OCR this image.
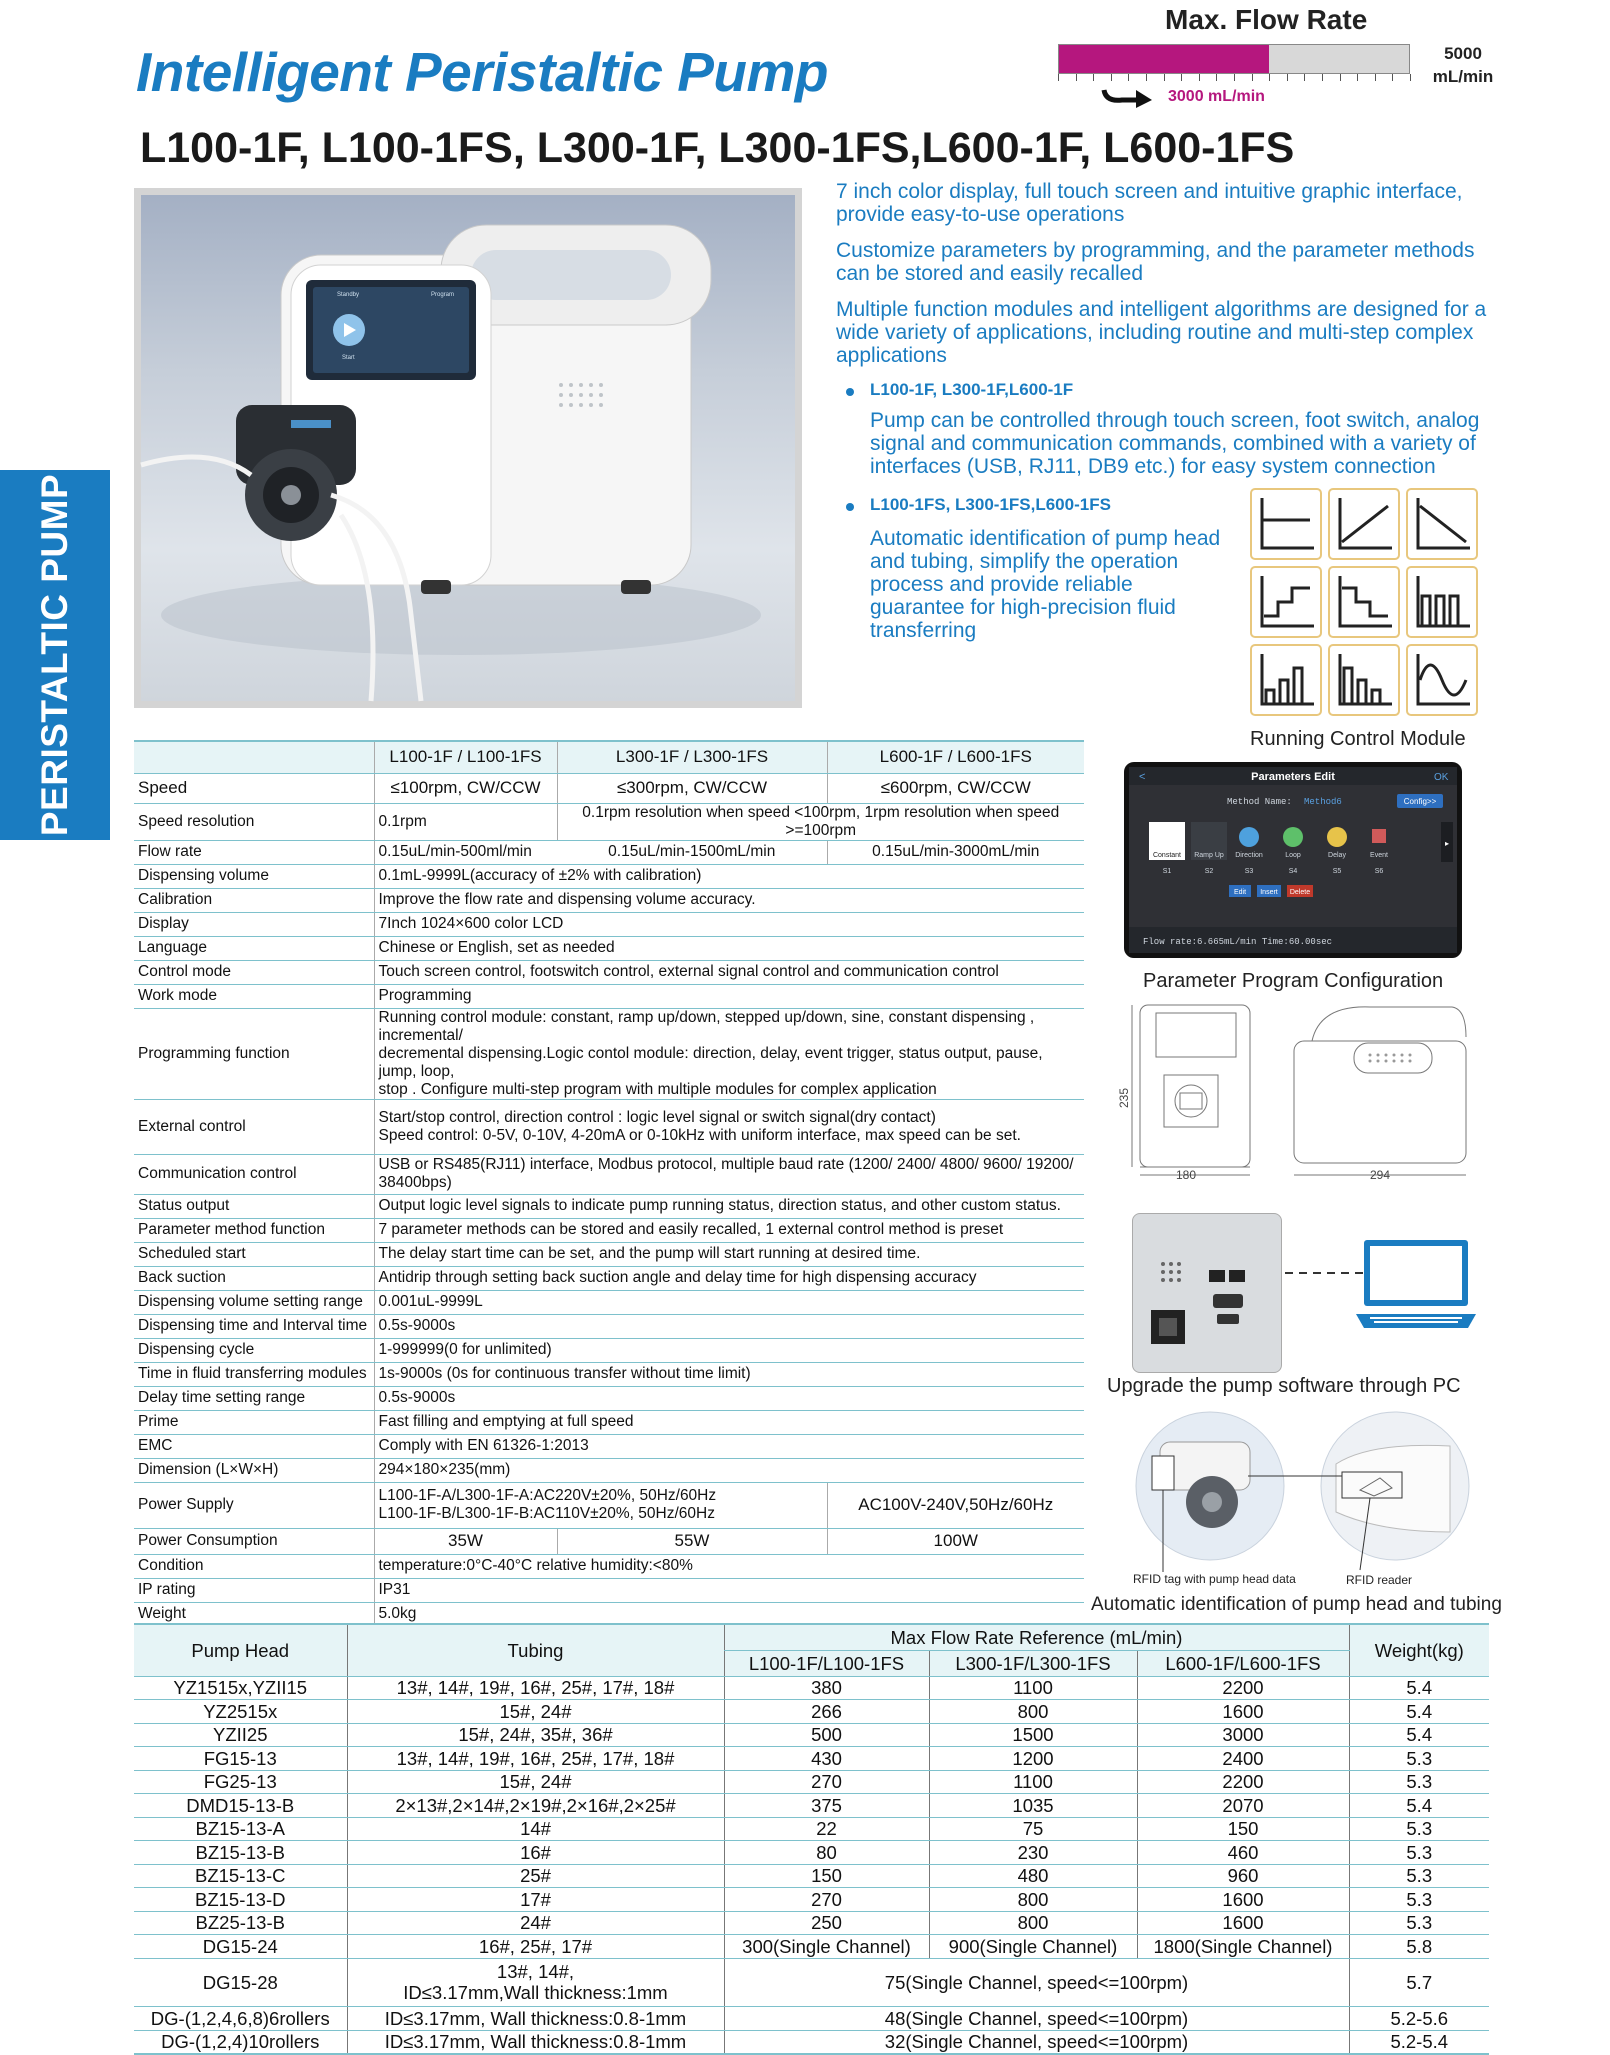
Intelligent Peristaltic Pump
L100-1F, L100-1FS, L300-1F, L300-1FS,L600-1F, L600-1FS
Max. Flow Rate
5000
mL/min
3000 mL/min
PERISTALTIC PUMP
Standby	Program
Start
7 inch color display, full touch screen and intuitive graphic interface, provide easy-to-use operations
Customize parameters by programming, and the parameter methods can be stored and easily recalled
Multiple function modules and intelligent algorithms are designed for a wide variety of applications, including routine and multi-step complex applications
L100-1F, L300-1F,L600-1F
Pump can be controlled through touch screen, foot switch, analog signal and communication commands, combined with a variety of interfaces (USB, RJ11, DB9 etc.) for easy system connection
L100-1FS, L300-1FS,L600-1FS
Automatic identification of pump head and tubing, simplify the operation process and provide reliable guarantee for high-precision fluid transferring
	L100-1F / L100-1FS	L300-1F / L300-1FS	L600-1F / L600-1FS
Speed	≤100rpm, CW/CCW	≤300rpm, CW/CCW	≤600rpm, CW/CCW
Speed resolution	0.1rpm	0.1rpm resolution when speed <100rpm, 1rpm resolution when speed >=100rpm	
Flow rate	0.15uL/min-500ml/min	0.15uL/min-1500mL/min	0.15uL/min-3000mL/min
Dispensing volume	0.1mL-9999L(accuracy of ±2% with calibration)		
Calibration	Improve the flow rate and dispensing volume accuracy.		
Display	7Inch 1024×600 color LCD		
Language	Chinese or English, set as needed		
Control mode	Touch screen control, footswitch control, external signal control and communication control		
Work mode	Programming		
Programming function	Running control module: constant, ramp up/down, stepped up/down, sine, constant dispensing , incremental/
decremental dispensing.Logic contol module: direction, delay, event trigger, status output, pause, jump, loop,
stop . Configure multi-step program with multiple modules for complex application		

External control	Start/stop control, direction control : logic level signal or switch signal(dry contact)
Speed control: 0-5V, 0-10V, 4-20mA or 0-10kHz with uniform interface, max speed can be set.		

Communication control	USB or RS485(RJ11) interface, Modbus protocol, multiple baud rate (1200/ 2400/ 4800/ 9600/ 19200/ 38400bps)		
Status output	Output logic level signals to indicate pump running status, direction status, and other custom status.		
Parameter method function	7 parameter methods can be stored and easily recalled, 1 external control method is preset		
Scheduled start	The delay start time can be set, and the pump will start running at desired time.		
Back suction	Antidrip through setting back suction angle and delay time for high dispensing accuracy		
Dispensing volume setting range	0.001uL-9999L		
Dispensing time and Interval time	0.5s-9000s		
Dispensing cycle	1-999999(0 for unlimited)		
Time in fluid transferring modules	1s-9000s (0s for continuous transfer without time limit)		
Delay time setting range	0.5s-9000s		
Prime	Fast filling and emptying at full speed		
EMC	Comply with EN 61326-1:2013		
Dimension (L×W×H)	294×180×235(mm)		
Power Supply	L100-1F-A/L300-1F-A:AC220V±20%, 50Hz/60Hz
L100-1F-B/L300-1F-B:AC110V±20%, 50Hz/60Hz		AC100V-240V,50Hz/60Hz
Power Consumption	35W	55W	100W
Condition	temperature:0°C-40°C relative humidity:<80%		
IP rating	IP31		
Weight	5.0kg		
Running Control Module
<	Parameters Edit	OK
Method Name: Method6	Config>>
Constant Ramp Up Direction	Loop	Delay	Event
S1	S2	S3	S4	S5	S6
▸
Edit Insert Delete
Flow rate:6.665mL/min Time:60.00sec
Parameter Program Configuration
235
180	294
Upgrade the pump software through PC
RFID tag with pump head data	RFID reader
Automatic identification of pump head and tubing
Pump Head	Tubing	Max Flow Rate Reference (mL/min)			Weight(kg)
		L100-1F/L100-1FS	L300-1F/L300-1FS	L600-1F/L600-1FS	
YZ1515x,YZII15	13#, 14#, 19#, 16#, 25#, 17#, 18#	380	1100	2200	5.4
YZ2515x	15#, 24#	266	800	1600	5.4
YZII25	15#, 24#, 35#, 36#	500	1500	3000	5.4
FG15-13	13#, 14#, 19#, 16#, 25#, 17#, 18#	430	1200	2400	5.3
FG25-13	15#, 24#	270	1100	2200	5.3
DMD15-13-B	2×13#,2×14#,2×19#,2×16#,2×25#	375	1035	2070	5.4
BZ15-13-A	14#	22	75	150	5.3
BZ15-13-B	16#	80	230	460	5.3
BZ15-13-C	25#	150	480	960	5.3
BZ15-13-D	17#	270	800	1600	5.3
BZ25-13-B	24#	250	800	1600	5.3
DG15-24	16#, 25#, 17#	300(Single Channel)	900(Single Channel)	1800(Single Channel)	5.8
DG15-28	13#, 14#,
ID≤3.17mm,Wall thickness:1mm	75(Single Channel, speed<=100rpm)			5.7
DG-(1,2,4,6,8)6rollers	ID≤3.17mm, Wall thickness:0.8-1mm	48(Single Channel, speed<=100rpm)			5.2-5.6
DG-(1,2,4)10rollers	ID≤3.17mm, Wall thickness:0.8-1mm	32(Single Channel, speed<=100rpm)			5.2-5.4
